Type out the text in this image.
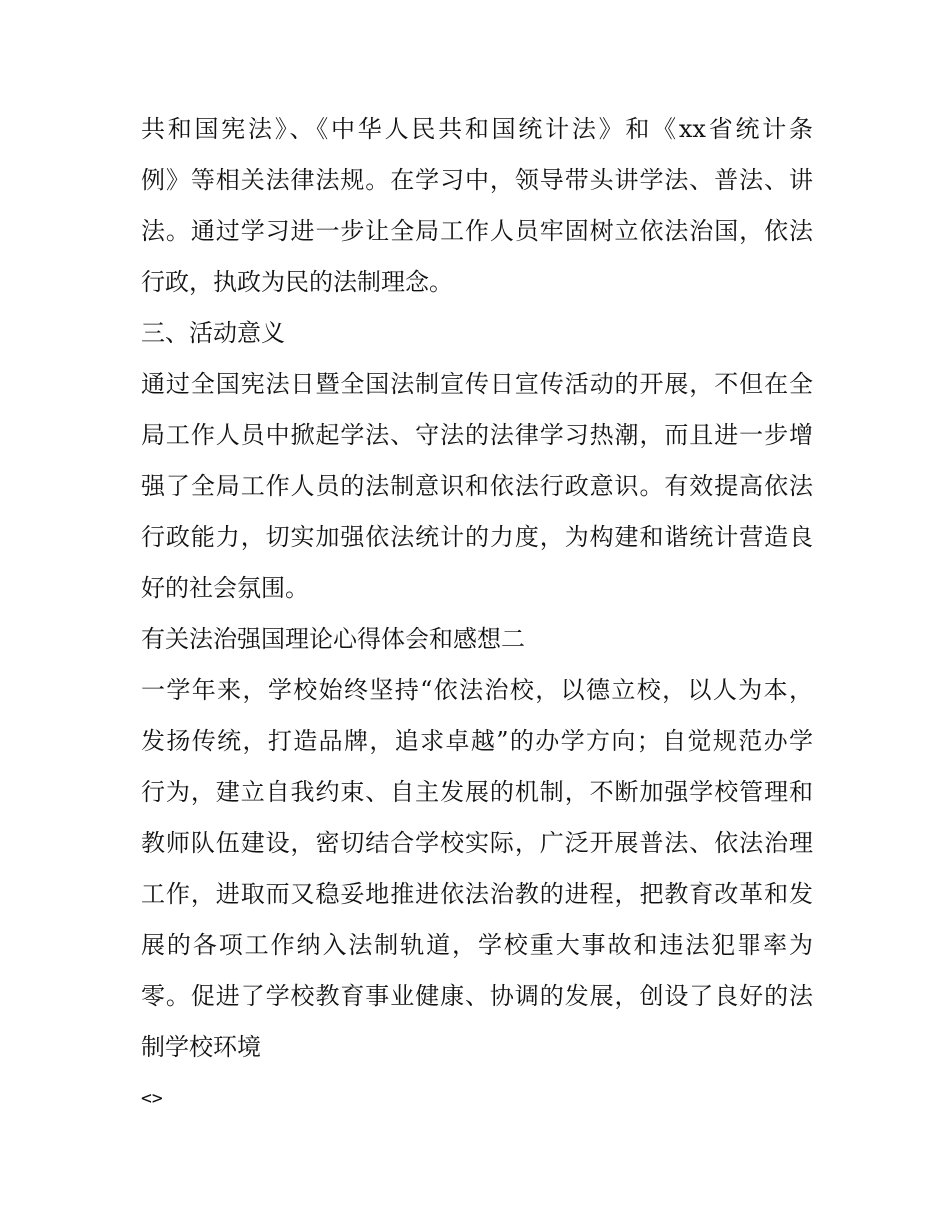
共和国宪法》、《中华人民共和国统计法》和《xx省统计条
例》等相关法律法规。在学习中，领导带头讲学法、普法、讲
法。通过学习进一步让全局工作人员牢固树立依法治国，依法
行政，执政为民的法制理念。
三、活动意义
通过全国宪法日暨全国法制宣传日宣传活动的开展，不但在全
局工作人员中掀起学法、守法的法律学习热潮，而且进一步增
强了全局工作人员的法制意识和依法行政意识。有效提高依法
行政能力，切实加强依法统计的力度，为构建和谐统计营造良
好的社会氛围。
有关法治强国理论心得体会和感想二
一学年来，学校始终坚持“依法治校，以德立校，以人为本，
发扬传统，打造品牌，追求卓越”的办学方向；自觉规范办学
行为，建立自我约束、自主发展的机制，不断加强学校管理和
教师队伍建设，密切结合学校实际，广泛开展普法、依法治理
工作，进取而又稳妥地推进依法治教的进程，把教育改革和发
展的各项工作纳入法制轨道，学校重大事故和违法犯罪率为
零。促进了学校教育事业健康、协调的发展，创设了良好的法
制学校环境
<>
